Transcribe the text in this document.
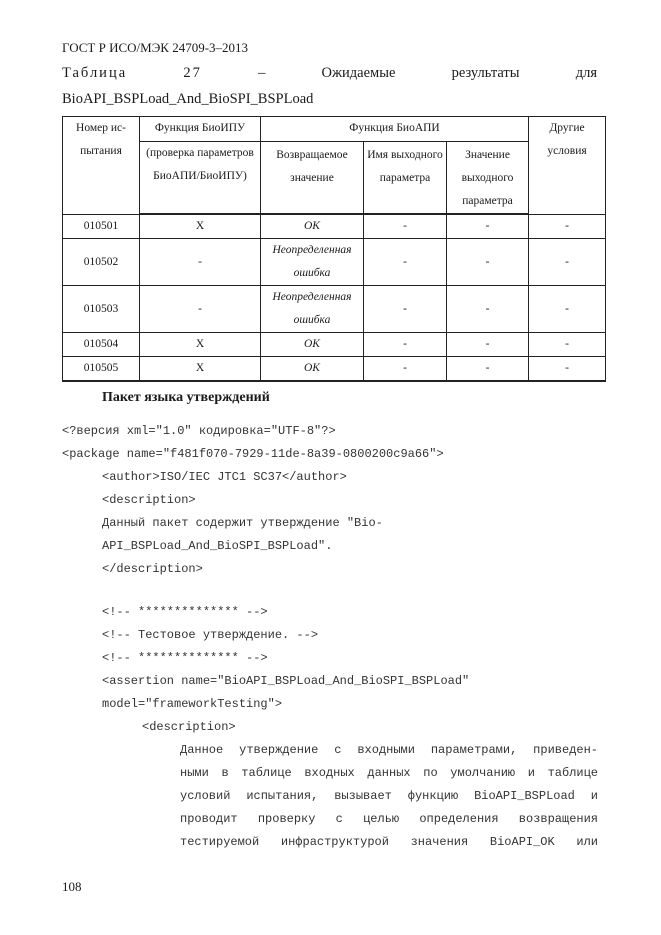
ГОСТ Р ИСО/МЭК 24709-3–2013
Таблица	27	–	Ожидаемые	результаты	для
BioAPI_BSPLoad_And_BioSPI_BSPLoad
Номер ис-пытания	Функция БиоИПУ	Функция БиоАПИ			Другие условия
	(проверка параметров БиоАПИ/БиоИПУ)	Возвращаемое значение	Имя выходного параметра	Значение выходного параметра	
010501	X	OK	-	-	-
010502	-	Неопределенная ошибка	-	-	-
010503	-	Неопределенная ошибка	-	-	-
010504	X	OK	-	-	-
010505	X	OK	-	-	-
Пакет языка утверждений
<?версия xml="1.0" кодировка="UTF-8"?>
<package name="f481f070-7929-11de-8a39-0800200c9a66">
<author>ISO/IEC JTC1 SC37</author>
<description>
Данный пакет содержит утверждение "Bio-
API_BSPLoad_And_BioSPI_BSPLoad".
</description>
<!-- ************** -->
<!-- Тестовое утверждение. -->
<!-- ************** -->
<assertion name="BioAPI_BSPLoad_And_BioSPI_BSPLoad"
model="frameworkTesting">
<description>
Данное утверждение с входными параметрами, приведен-
ными в таблице входных данных по умолчанию и таблице
условий испытания, вызывает функцию BioAPI_BSPLoad и
проводит проверку с целью определения возвращения
тестируемой инфраструктурой значения BioAPI_OK или
108
